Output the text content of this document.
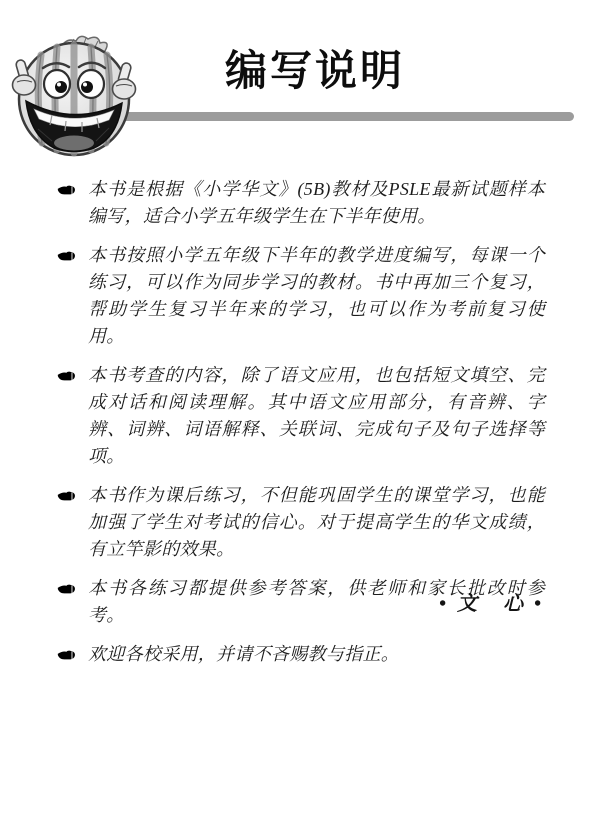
编写说明
本书是根据《小学华文》(5B)教材及PSLE最新试题样本编写，适合小学五年级学生在下半年使用。
本书按照小学五年级下半年的教学进度编写，每课一个练习，可以作为同步学习的教材。书中再加三个复习，帮助学生复习半年来的学习，也可以作为考前复习使用。
本书考查的内容，除了语文应用，也包括短文填空、完成对话和阅读理解。其中语文应用部分，有音辨、字辨、词辨、词语解释、关联词、完成句子及句子选择等项。
本书作为课后练习，不但能巩固学生的课堂学习，也能加强了学生对考试的信心。对于提高学生的华文成绩，有立竿影的效果。
本书各练习都提供参考答案，供老师和家长批改时参考。
欢迎各校采用，并请不吝赐教与指正。
• 文　心 •
